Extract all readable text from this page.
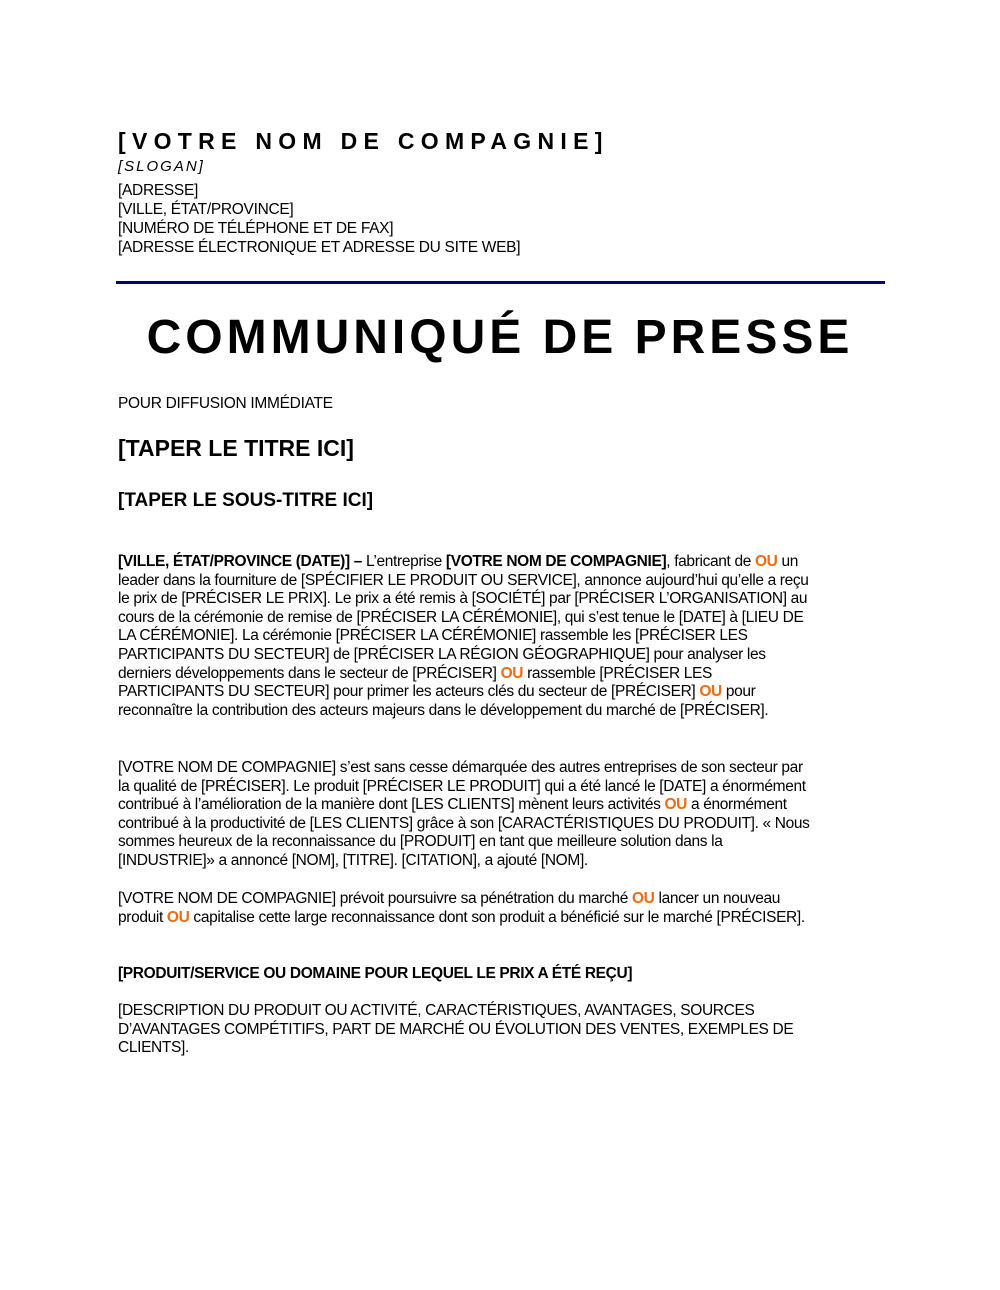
[VOTRE NOM DE COMPAGNIE]
[SLOGAN]
[ADRESSE]
[VILLE, ÉTAT/PROVINCE]
[NUMÉRO DE TÉLÉPHONE ET DE FAX]
[ADRESSE ÉLECTRONIQUE ET ADRESSE DU SITE WEB]
COMMUNIQUÉ DE PRESSE
POUR DIFFUSION IMMÉDIATE
[TAPER LE TITRE ICI]
[TAPER LE SOUS-TITRE ICI]
[VILLE, ÉTAT/PROVINCE (DATE)] – L’entreprise [VOTRE NOM DE COMPAGNIE], fabricant de OU un
leader dans la fourniture de [SPÉCIFIER LE PRODUIT OU SERVICE], annonce aujourd’hui qu’elle a reçu
le prix de [PRÉCISER LE PRIX]. Le prix a été remis à [SOCIÉTÉ] par [PRÉCISER L’ORGANISATION] au
cours de la cérémonie de remise de [PRÉCISER LA CÉRÉMONIE], qui s’est tenue le [DATE] à [LIEU DE
LA CÉRÉMONIE]. La cérémonie [PRÉCISER LA CÉRÉMONIE] rassemble les [PRÉCISER LES
PARTICIPANTS DU SECTEUR] de [PRÉCISER LA RÉGION GÉOGRAPHIQUE] pour analyser les
derniers développements dans le secteur de [PRÉCISER] OU rassemble [PRÉCISER LES
PARTICIPANTS DU SECTEUR] pour primer les acteurs clés du secteur de [PRÉCISER] OU pour
reconnaître la contribution des acteurs majeurs dans le développement du marché de [PRÉCISER].
[VOTRE NOM DE COMPAGNIE] s’est sans cesse démarquée des autres entreprises de son secteur par
la qualité de [PRÉCISER]. Le produit [PRÉCISER LE PRODUIT] qui a été lancé le [DATE] a énormément
contribué à l’amélioration de la manière dont [LES CLIENTS] mènent leurs activités OU a énormément
contribué à la productivité de [LES CLIENTS] grâce à son [CARACTÉRISTIQUES DU PRODUIT]. « Nous
sommes heureux de la reconnaissance du [PRODUIT] en tant que meilleure solution dans la
[INDUSTRIE]» a annoncé [NOM], [TITRE]. [CITATION], a ajouté [NOM].
[VOTRE NOM DE COMPAGNIE] prévoit poursuivre sa pénétration du marché OU lancer un nouveau
produit OU capitalise cette large reconnaissance dont son produit a bénéficié sur le marché [PRÉCISER].
[PRODUIT/SERVICE OU DOMAINE POUR LEQUEL LE PRIX A ÉTÉ REÇU]
[DESCRIPTION DU PRODUIT OU ACTIVITÉ, CARACTÉRISTIQUES, AVANTAGES, SOURCES
D’AVANTAGES COMPÉTITIFS, PART DE MARCHÉ OU ÉVOLUTION DES VENTES, EXEMPLES DE
CLIENTS].
